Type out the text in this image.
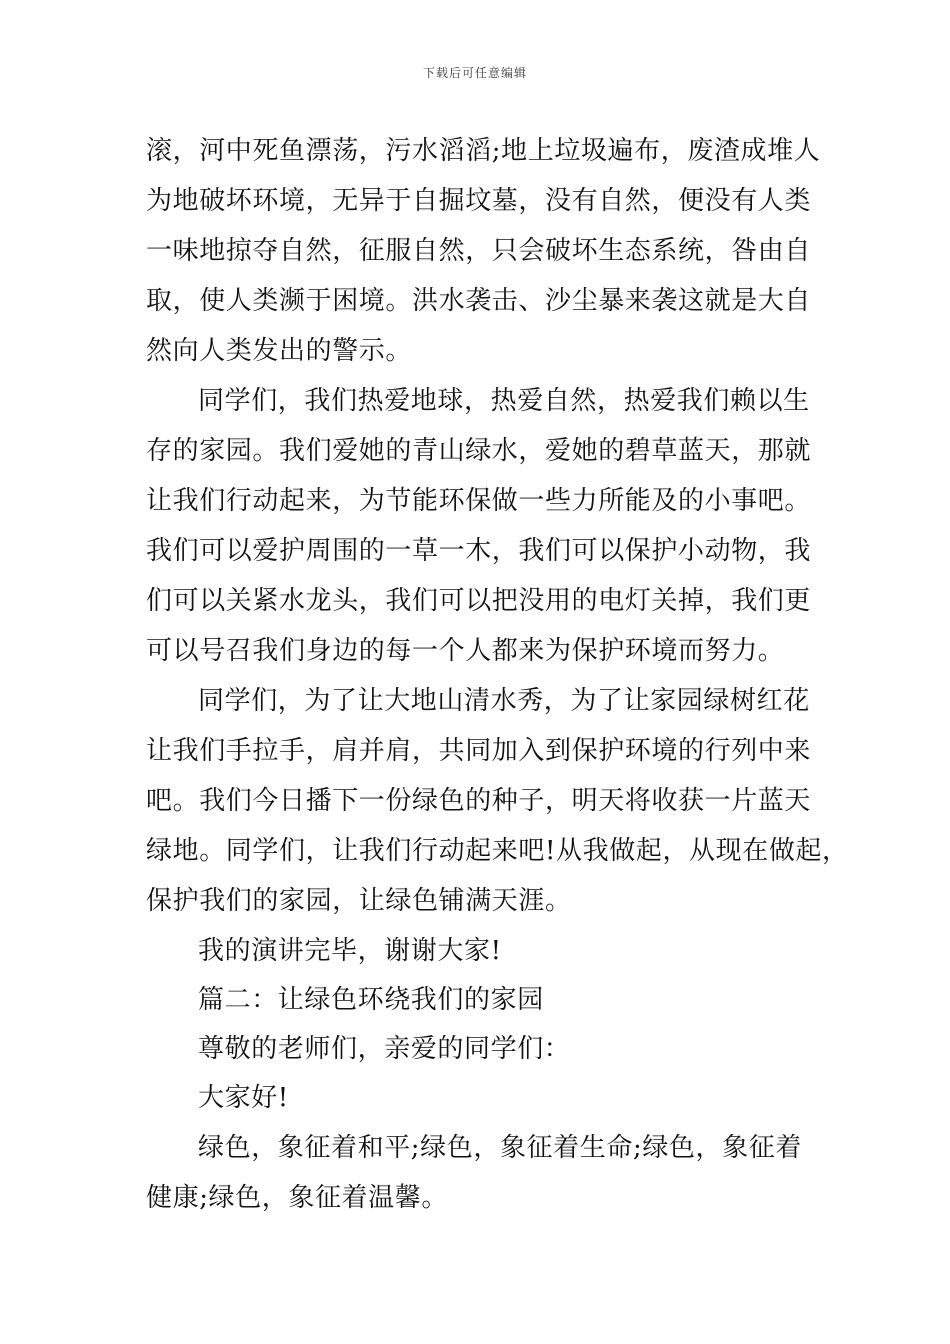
下载后可任意编辑
滚，河中死鱼漂荡，污水滔滔;地上垃圾遍布，废渣成堆人
为地破坏环境，无异于自掘坟墓，没有自然，便没有人类
一味地掠夺自然，征服自然，只会破坏生态系统，咎由自
取，使人类濒于困境。洪水袭击、沙尘暴来袭这就是大自
然向人类发出的警示。
同学们，我们热爱地球，热爱自然，热爱我们赖以生
存的家园。我们爱她的青山绿水，爱她的碧草蓝天，那就
让我们行动起来，为节能环保做一些力所能及的小事吧。
我们可以爱护周围的一草一木，我们可以保护小动物，我
们可以关紧水龙头，我们可以把没用的电灯关掉，我们更
可以号召我们身边的每一个人都来为保护环境而努力。
同学们，为了让大地山清水秀，为了让家园绿树红花
让我们手拉手，肩并肩，共同加入到保护环境的行列中来
吧。我们今日播下一份绿色的种子，明天将收获一片蓝天
绿地。同学们，让我们行动起来吧!从我做起，从现在做起，
保护我们的家园，让绿色铺满天涯。
我的演讲完毕，谢谢大家!
篇二：让绿色环绕我们的家园
尊敬的老师们，亲爱的同学们：
大家好!
绿色，象征着和平;绿色，象征着生命;绿色，象征着
健康;绿色，象征着温馨。
